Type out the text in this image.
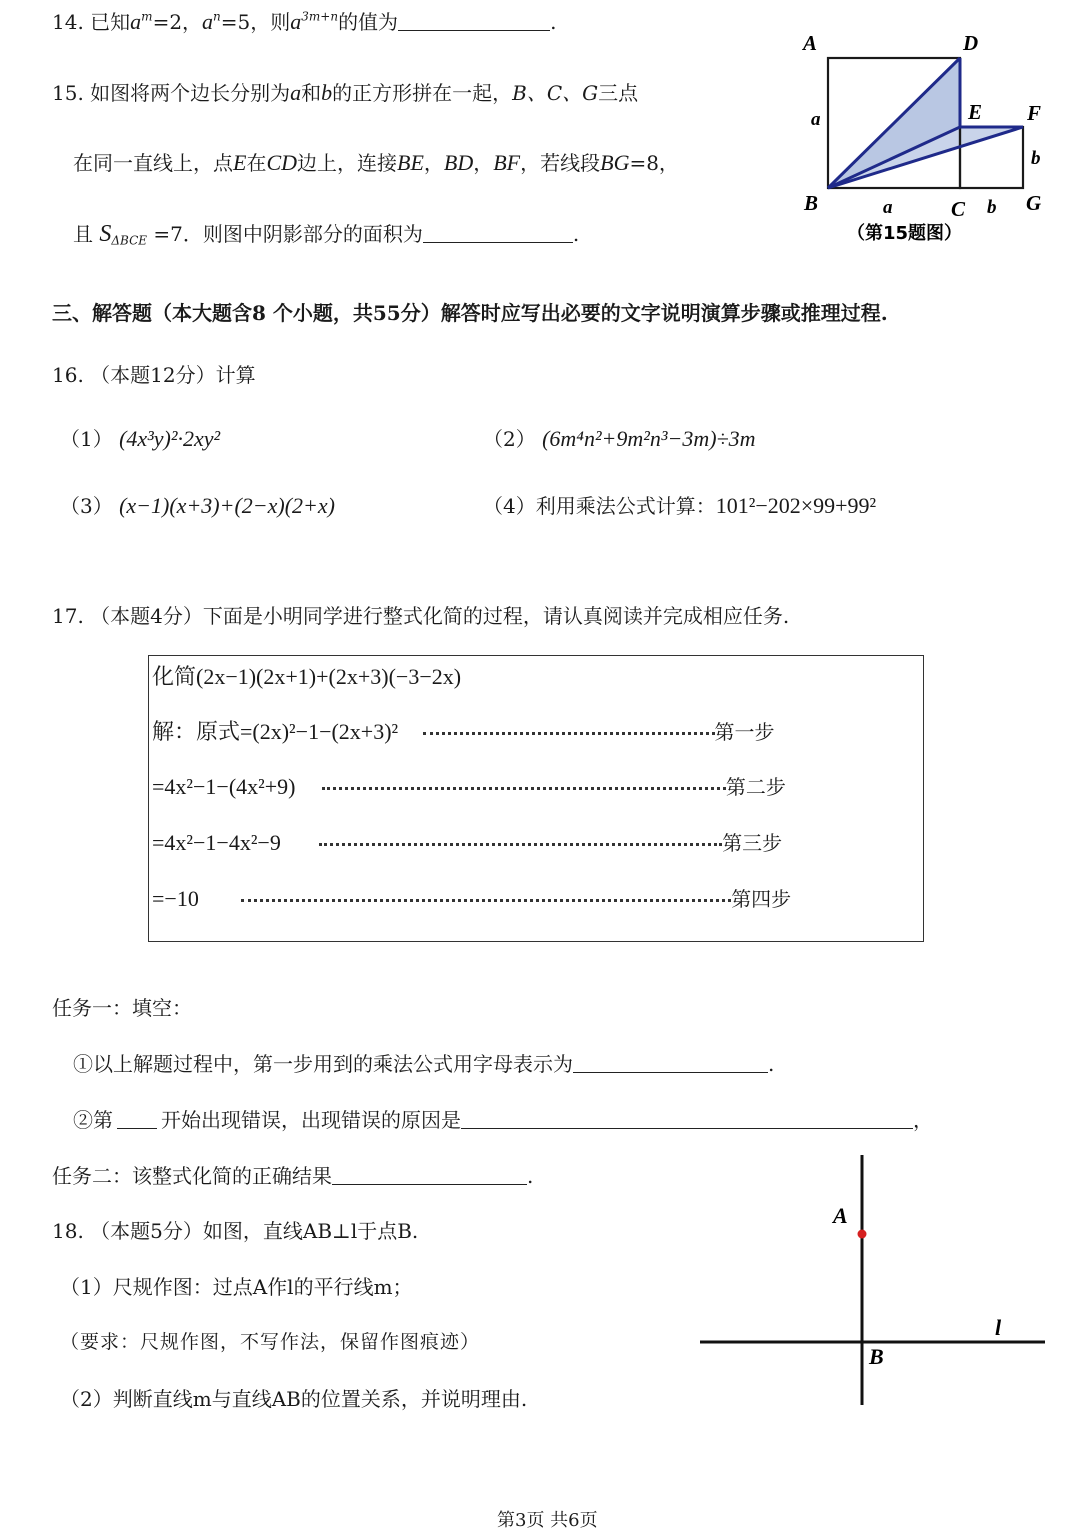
14. 已知$a^m=2$，$a^n=5$，则$a^{3m+n}$的值为	.
15. 如图将两个边长分别为a和b的正方形拼在一起，B、C、G三点
在同一直线上，点E在CD边上，连接BE，BD，BF，若线段BG=8，
且 $S_{\Delta BCE} =7$．则图中阴影部分的面积为	.
A	D
E F
a
b
B	a	C b G
（第15题图）
三、解答题（本大题含8 个小题，共55分）解答时应写出必要的文字说明演算步骤或推理过程.
16. （本题12分）计算
（1） (4x³y)²·2xy²	（2） (6m⁴n²+9m²n³−3m)÷3m
（3） (x−1)(x+3)+(2−x)(2+x)	（4）利用乘法公式计算：101²−202×99+99²
17. （本题4分）下面是小明同学进行整式化简的过程，请认真阅读并完成相应任务.
化简(2x−1)(2x+1)+(2x+3)(−3−2x)
解：原式=(2x)²−1−(2x+3)²	第一步
=4x²−1−(4x²+9)	第二步
=4x²−1−4x²−9	第三步
=−10	第四步
任务一：填空：
①以上解题过程中，第一步用到的乘法公式用字母表示为	.
②第 开始出现错误，出现错误的原因是	，
任务二：该整式化简的正确结果	.
18. （本题5分）如图，直线AB⊥l于点B.
（1）尺规作图：过点A作l的平行线m；
（要求：尺规作图，不写作法，保留作图痕迹）
（2）判断直线m与直线AB的位置关系，并说明理由.
A
B
l
第3页 共6页
